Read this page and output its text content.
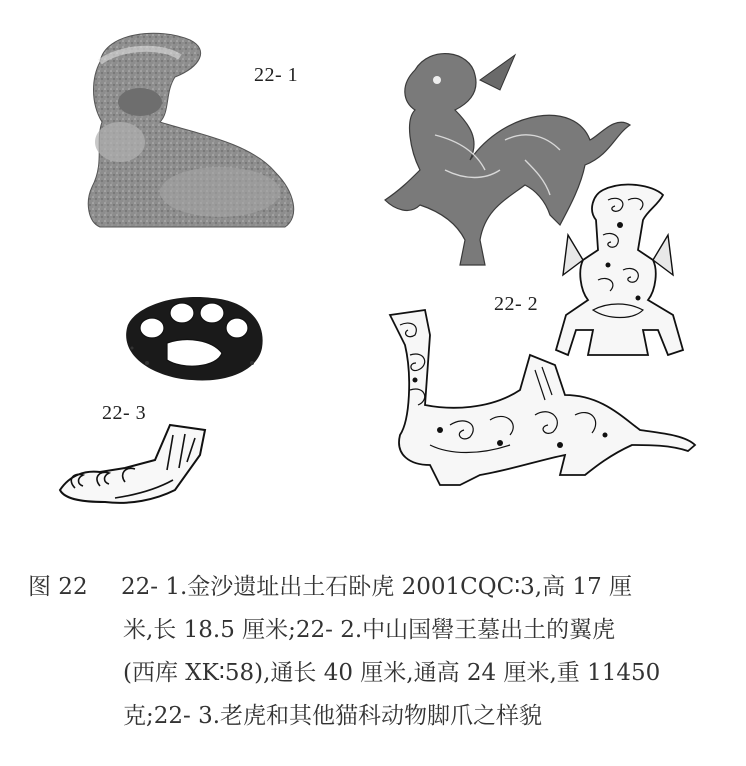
22- 1
22- 2
22- 3
图 22 22- 1.金沙遗址出土石卧虎 2001CQC∶3,高 17 厘
米,长 18.5 厘米;22- 2.中山国嚳王墓出土的翼虎
(西库 XK∶58),通长 40 厘米,通高 24 厘米,重 11450
克;22- 3.老虎和其他猫科动物脚爪之样貌
